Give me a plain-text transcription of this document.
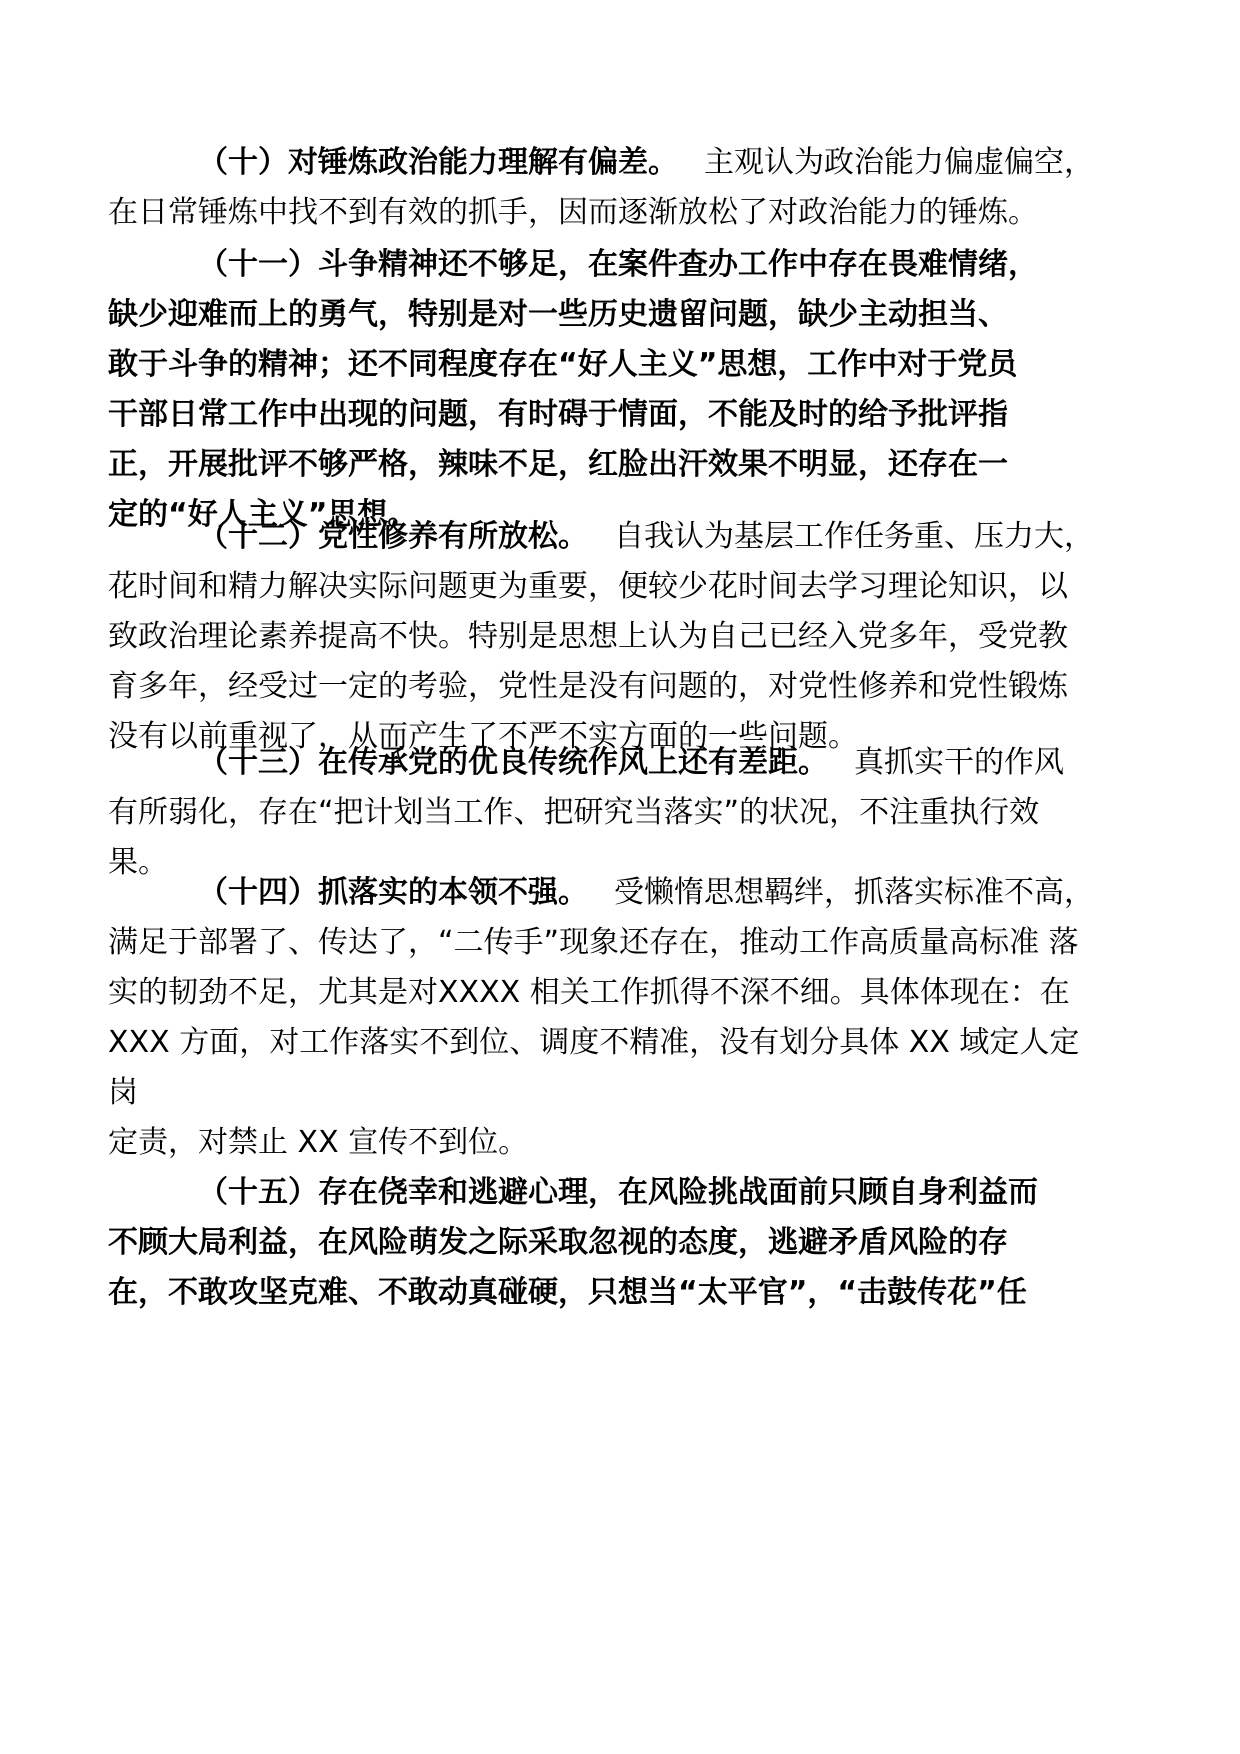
（十）对锤炼政治能力理解有偏差。 主观认为政治能力偏虚偏空，
在日常锤炼中找不到有效的抓手，因而逐渐放松了对政治能力的锤炼。
（十一）斗争精神还不够足，在案件查办工作中存在畏难情绪，
缺少迎难而上的勇气，特别是对一些历史遗留问题，缺少主动担当、
敢于斗争的精神；还不同程度存在“好人主义”思想，工作中对于党员
干部日常工作中出现的问题，有时碍于情面，不能及时的给予批评指
正，开展批评不够严格，辣味不足，红脸出汗效果不明显，还存在一
定的“好人主义”思想。
（十二）党性修养有所放松。 自我认为基层工作任务重、压力大，
花时间和精力解决实际问题更为重要，便较少花时间去学习理论知识，以
致政治理论素养提高不快。特别是思想上认为自己已经入党多年，受党教
育多年，经受过一定的考验，党性是没有问题的，对党性修养和党性锻炼
没有以前重视了，从而产生了不严不实方面的一些问题。
（十三）在传承党的优良传统作风上还有差距。 真抓实干的作风
有所弱化，存在“把计划当工作、把研究当落实”的状况，不注重执行效
果。
（十四）抓落实的本领不强。 受懒惰思想羁绊，抓落实标准不高，
满足于部署了、传达了，“二传手”现象还存在，推动工作高质量高标准 落
实的韧劲不足，尤其是对XXXX 相关工作抓得不深不细。具体体现在：在
XXX 方面，对工作落实不到位、调度不精准，没有划分具体 XX 域定人定
岗
定责，对禁止 XX 宣传不到位。
（十五）存在侥幸和逃避心理，在风险挑战面前只顾自身利益而
不顾大局利益，在风险萌发之际采取忽视的态度，逃避矛盾风险的存
在，不敢攻坚克难、不敢动真碰硬，只想当“太平官”，“击鼓传花”任
